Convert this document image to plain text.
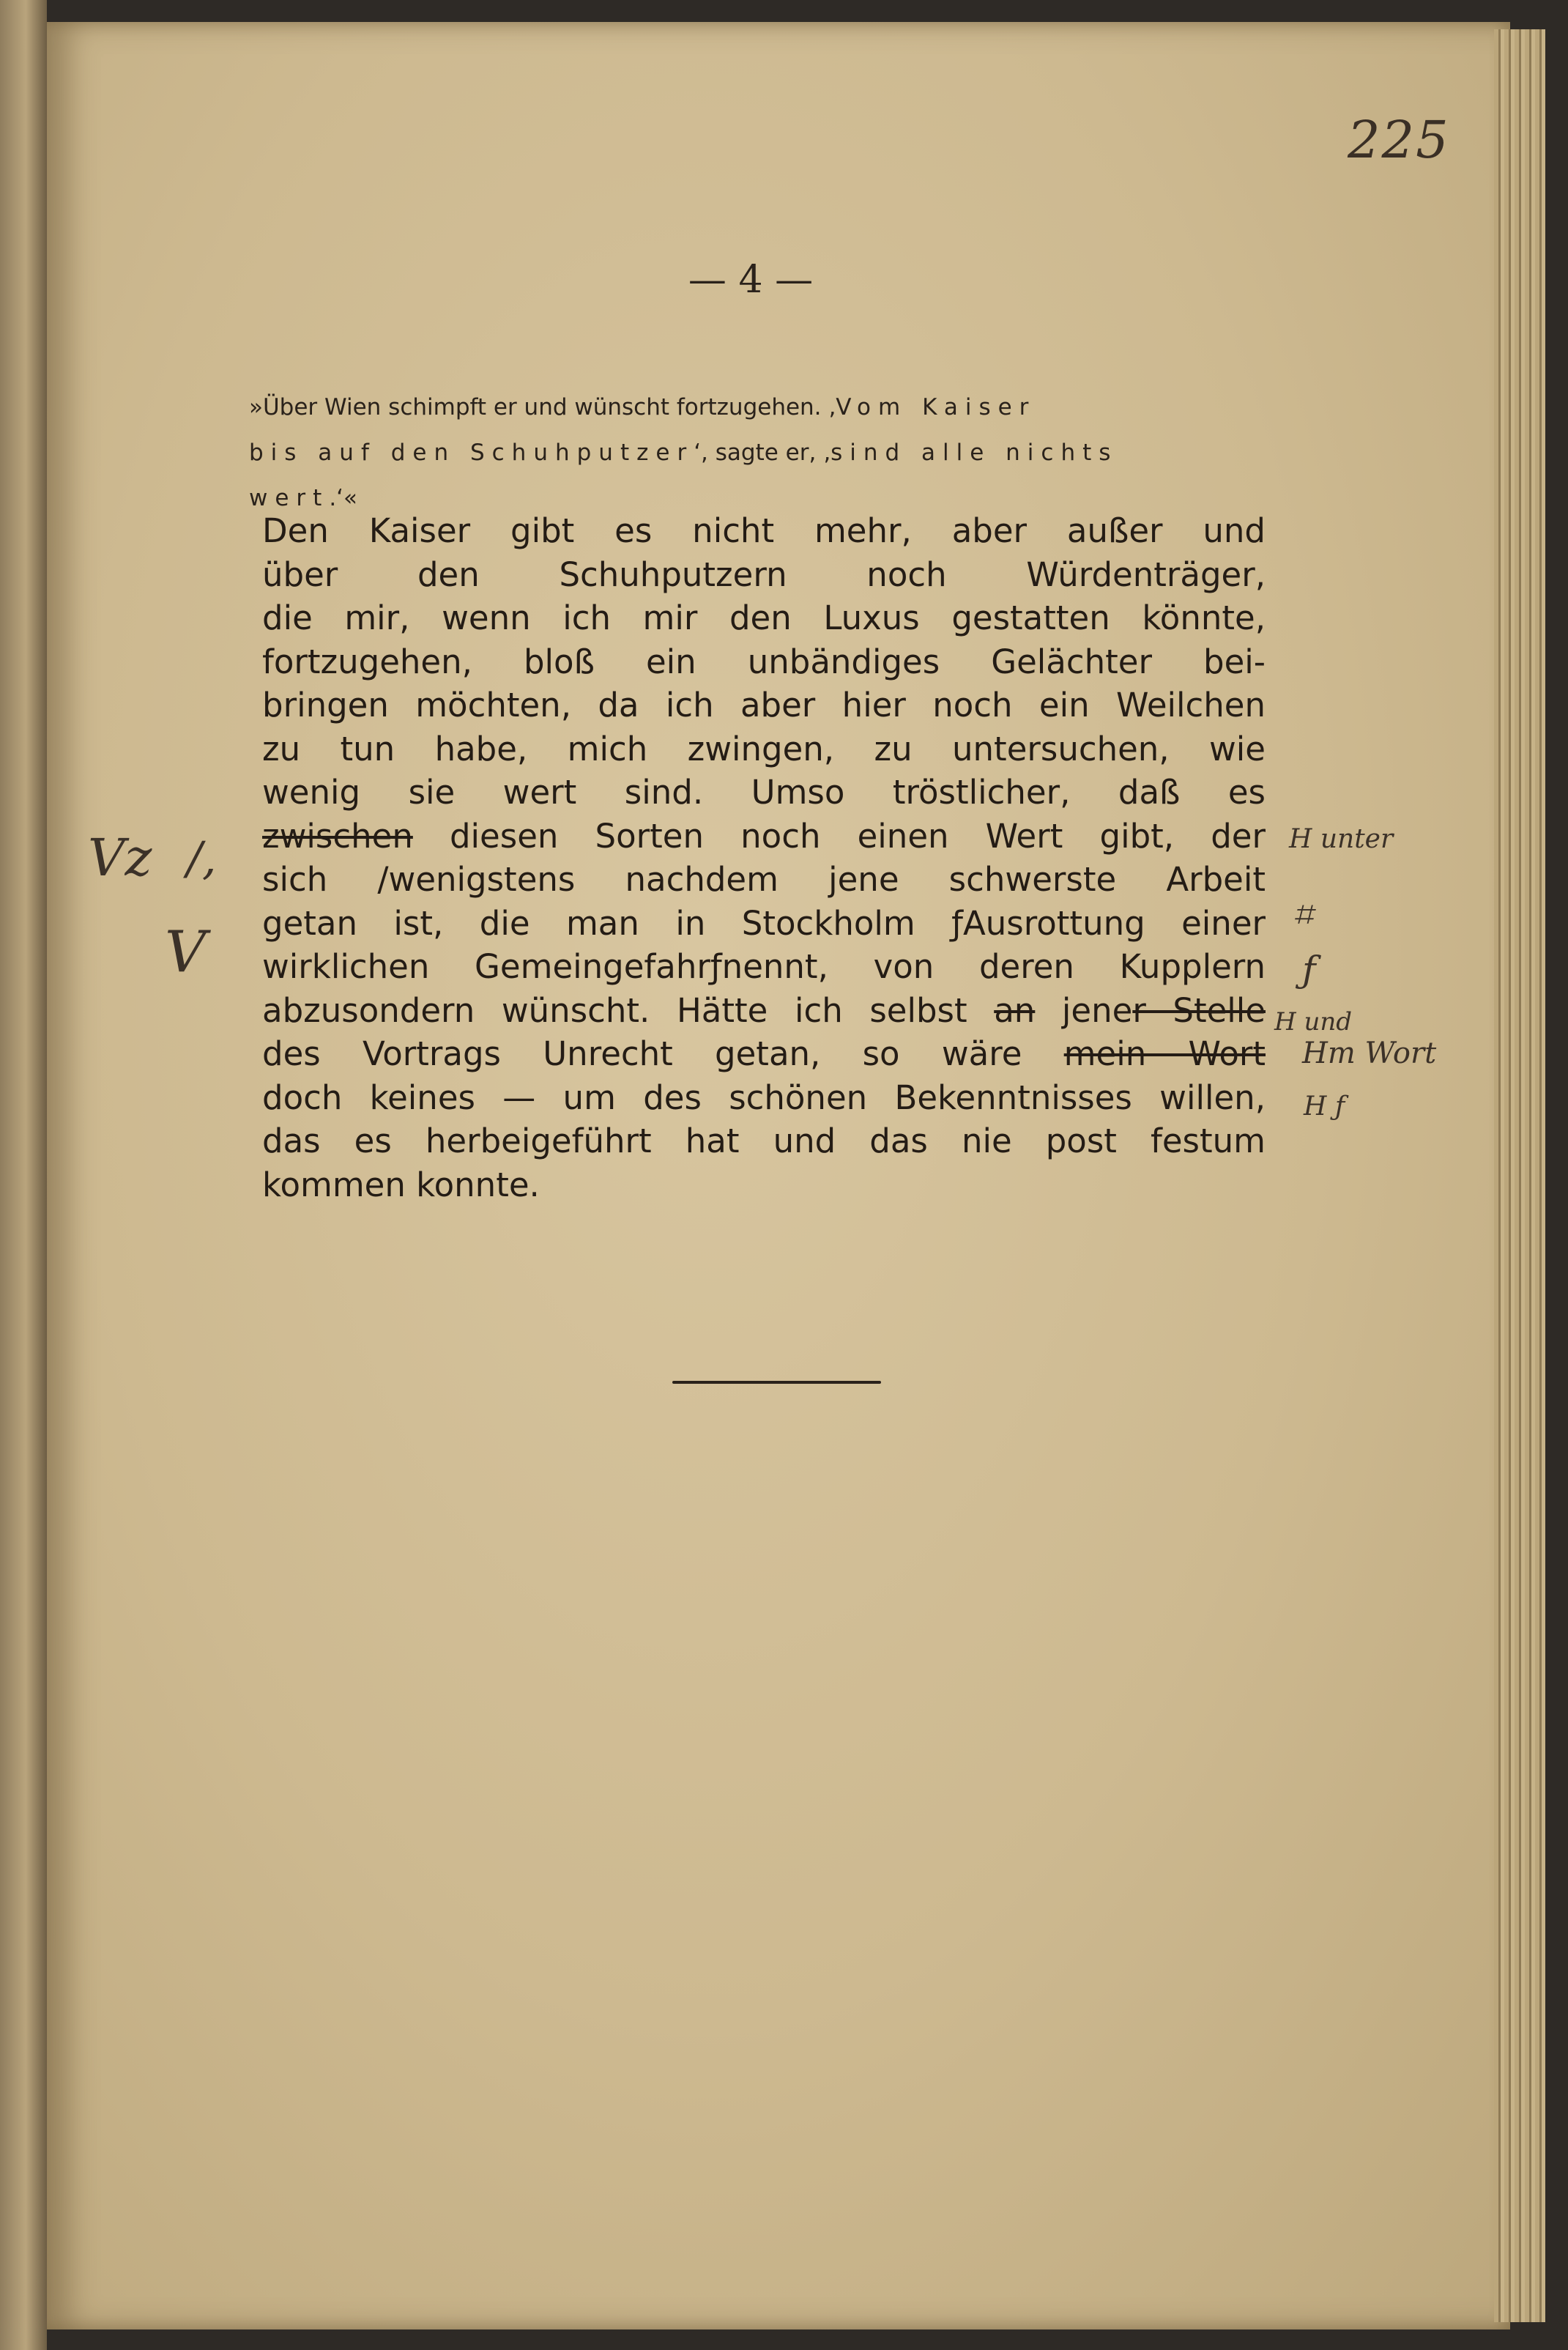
225
— 4 —
»Über Wien schimpft er und wünscht fortzugehen. ‚Vom Kaiser
bis auf den Schuhputzer‘, sagte er, ‚sind alle nichts
wert.‘«
Den Kaiser gibt es nicht mehr, aber außer und
über den Schuhputzern noch Würdenträger,
die mir, wenn ich mir den Luxus gestatten könnte,
fortzugehen, bloß ein unbändiges Gelächter bei-
bringen möchten, da ich aber hier noch ein Weilchen
zu tun habe, mich zwingen, zu untersuchen, wie
wenig sie wert sind. Umso tröstlicher, daß es
zwischen diesen Sorten noch einen Wert gibt, der
sich /wenigstens nachdem jene schwerste Arbeit
getan ist, die man in Stockholm ƒAusrottung einer
wirklichen Gemeingefahrƒnennt, von deren Kupplern
abzusondern wünscht. Hätte ich selbst an jener Stelle
des Vortrags Unrecht getan, so wäre mein Wort
doch keines — um des schönen Bekenntnisses willen,
das es herbeigeführt hat und das nie post festum
kommen konnte.
Vz /,
V
H unter
⌗
ƒ
H und
Hm Wort
H ƒ
